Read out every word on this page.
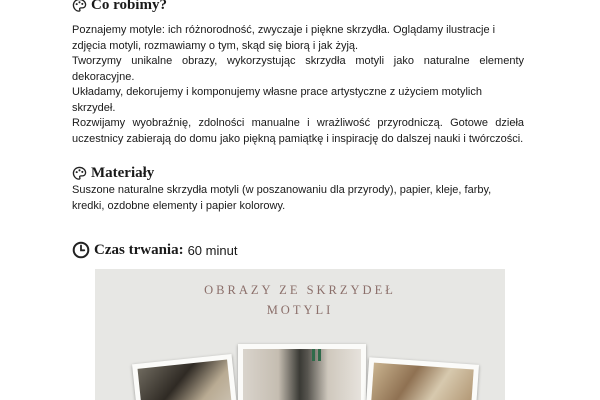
Co robimy?

Poznajemy motyle: ich różnorodność, zwyczaje i piękne skrzydła. Oglądamy ilustracje i zdjęcia motyli, rozmawiamy o tym, skąd się biorą i jak żyją.

Tworzymy unikalne obrazy, wykorzystując skrzydła motyli jako naturalne elementy dekoracyjne.

Układamy, dekorujemy i komponujemy własne prace artystyczne z użyciem motylich skrzydeł.

Rozwijamy wyobraźnię, zdolności manualne i wrażliwość przyrodniczą. Gotowe dzieła uczestnicy zabierają do domu jako piękną pamiątkę i inspirację do dalszej nauki i twórczości.

Materiały

Suszone naturalne skrzydła motyli (w poszanowaniu dla przyrody), papier, kleje, farby, kredki, ozdobne elementy i papier kolorowy.

Czas trwania: 60 minut
OBRAZY ZE SKRZYDEŁ
MOTYLI
